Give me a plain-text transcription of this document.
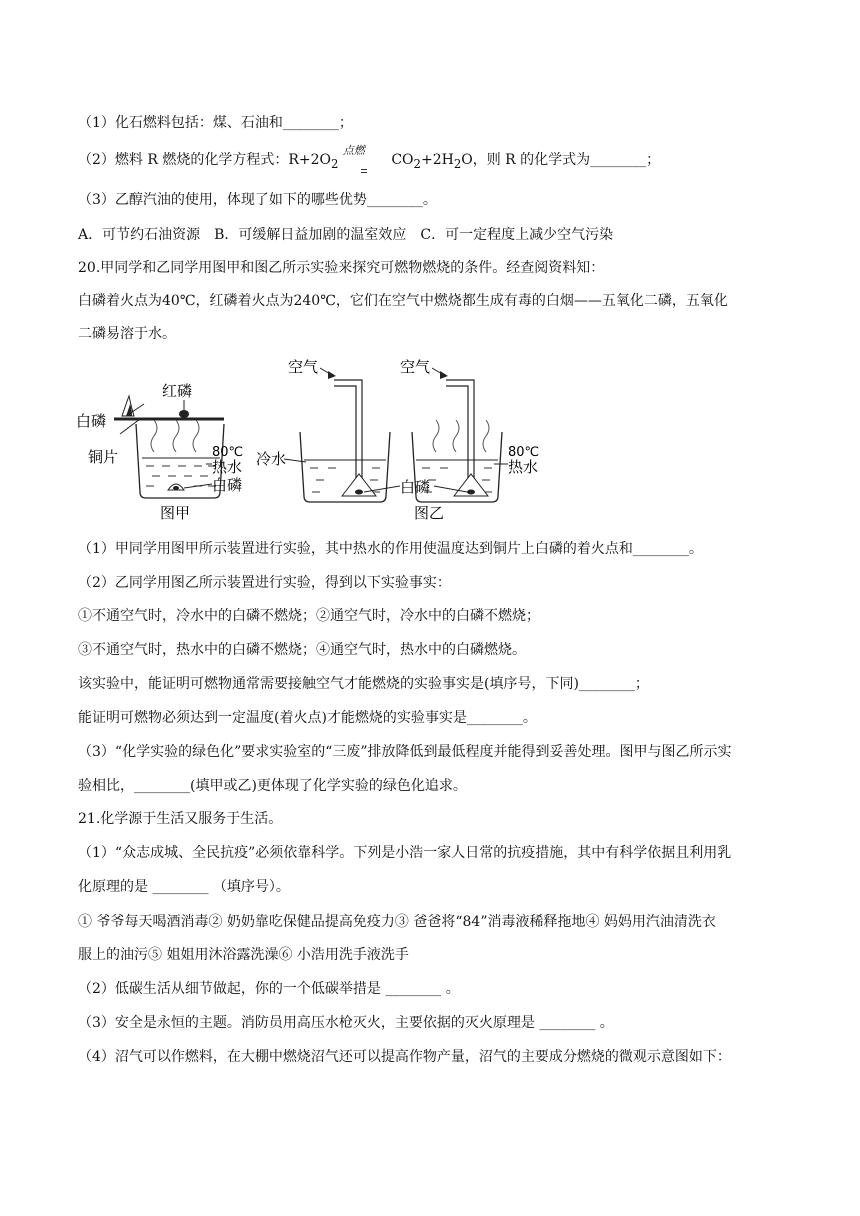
（1）化石燃料包括：煤、石油和________；
（2）燃料 R 燃烧的化学方程式：$R+2O_2$
点燃
$CO_2+2H_2O$，则 R 的化学式为________；
（3）乙醇汽油的使用，体现了如下的哪些优势________。
A．可节约石油资源　B．可缓解日益加剧的温室效应　C．可一定程度上减少空气污染
20.甲同学和乙同学用图甲和图乙所示实验来探究可燃物燃烧的条件。经查阅资料知：
白磷着火点为40℃，红磷着火点为240℃，它们在空气中燃烧都生成有毒的白烟——五氧化二磷，五氧化
二磷易溶于水。
红磷
白磷
铜片	80℃
热水
白磷
图甲
空气
冷水
空气
白磷
80℃
热水
图乙
（1）甲同学用图甲所示装置进行实验，其中热水的作用使温度达到铜片上白磷的着火点和________。
（2）乙同学用图乙所示装置进行实验，得到以下实验事实：
①不通空气时，冷水中的白磷不燃烧；②通空气时，冷水中的白磷不燃烧；
③不通空气时，热水中的白磷不燃烧；④通空气时，热水中的白磷燃烧。
该实验中，能证明可燃物通常需要接触空气才能燃烧的实验事实是(填序号，下同)________；
能证明可燃物必须达到一定温度(着火点)才能燃烧的实验事实是________。
（3）“化学实验的绿色化”要求实验室的“三废”排放降低到最低程度并能得到妥善处理。图甲与图乙所示实
验相比，________(填甲或乙)更体现了化学实验的绿色化追求。
21.化学源于生活又服务于生活。
（1）“众志成城、全民抗疫”必须依靠科学。下列是小浩一家人日常的抗疫措施，其中有科学依据且利用乳
化原理的是 ________ （填序号）。
① 爷爷每天喝酒消毒② 奶奶靠吃保健品提高免疫力③ 爸爸将“84”消毒液稀释拖地④ 妈妈用汽油清洗衣
服上的油污⑤ 姐姐用沐浴露洗澡⑥ 小浩用洗手液洗手
（2）低碳生活从细节做起，你的一个低碳举措是 ________ 。
（3）安全是永恒的主题。消防员用高压水枪灭火，主要依据的灭火原理是 ________ 。
（4）沼气可以作燃料，在大棚中燃烧沼气还可以提高作物产量，沼气的主要成分燃烧的微观示意图如下：
